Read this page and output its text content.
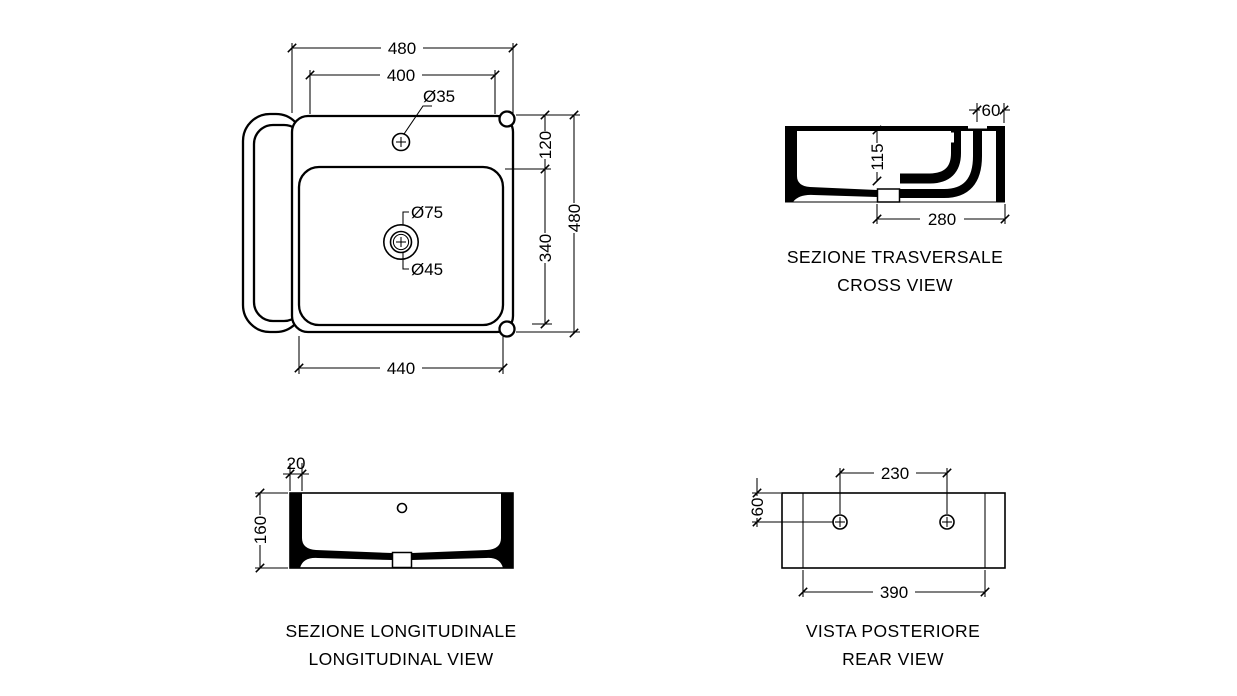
480
400
Ø35
120
340
480
440
Ø75
Ø45
60
115
280
SEZIONE TRASVERSALE
CROSS VIEW
20
160
SEZIONE LONGITUDINALE
LONGITUDINAL VIEW
230
60
390
VISTA POSTERIORE
REAR VIEW
